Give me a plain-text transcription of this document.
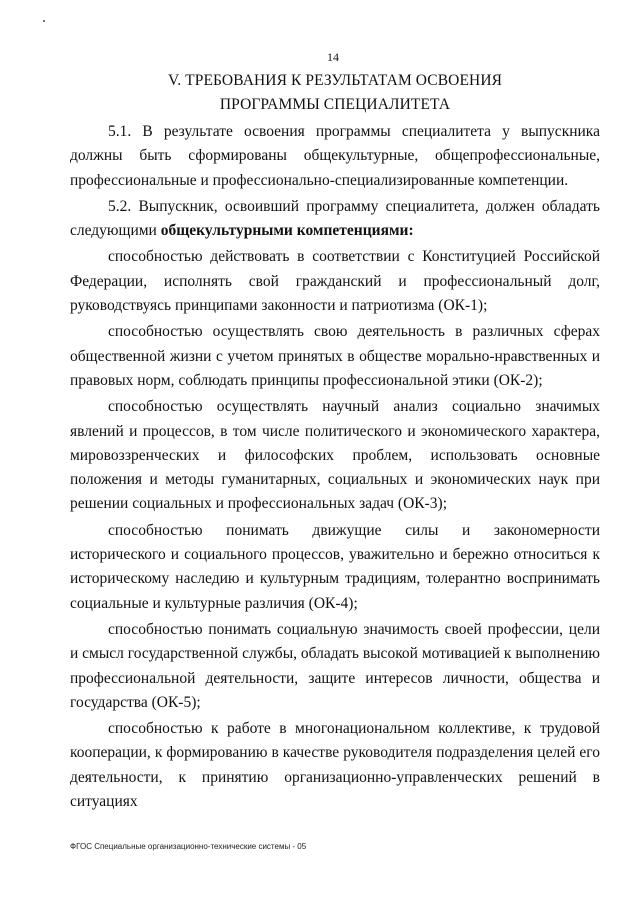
14
V. ТРЕБОВАНИЯ К РЕЗУЛЬТАТАМ ОСВОЕНИЯ
ПРОГРАММЫ СПЕЦИАЛИТЕТА

5.1. В результате освоения программы специалитета у выпускника должны быть сформированы общекультурные, общепрофессиональные, профессиональные и профессионально-специализированные компетенции.

5.2. Выпускник, освоивший программу специалитета, должен обладать следующими общекультурными компетенциями:

способностью действовать в соответствии с Конституцией Российской Федерации, исполнять свой гражданский и профессиональный долг, руководствуясь принципами законности и патриотизма (ОК-1);

способностью осуществлять свою деятельность в различных сферах общественной жизни с учетом принятых в обществе морально-нравственных и правовых норм, соблюдать принципы профессиональной этики (ОК-2);

способностью осуществлять научный анализ социально значимых явлений и процессов, в том числе политического и экономического характера, мировоззренческих и философских проблем, использовать основные положения и методы гуманитарных, социальных и экономических наук при решении социальных и профессиональных задач (ОК-3);

способностью понимать движущие силы и закономерности исторического и социального процессов, уважительно и бережно относиться к историческому наследию и культурным традициям, толерантно воспринимать социальные и культурные различия (ОК-4);

способностью понимать социальную значимость своей профессии, цели и смысл государственной службы, обладать высокой мотивацией к выполнению профессиональной деятельности, защите интересов личности, общества и государства (ОК-5);

способностью к работе в многонациональном коллективе, к трудовой кооперации, к формированию в качестве руководителя подразделения целей его деятельности, к принятию организационно-управленческих решений в ситуациях

ФГОС Специальные организационно-технические системы - 05
